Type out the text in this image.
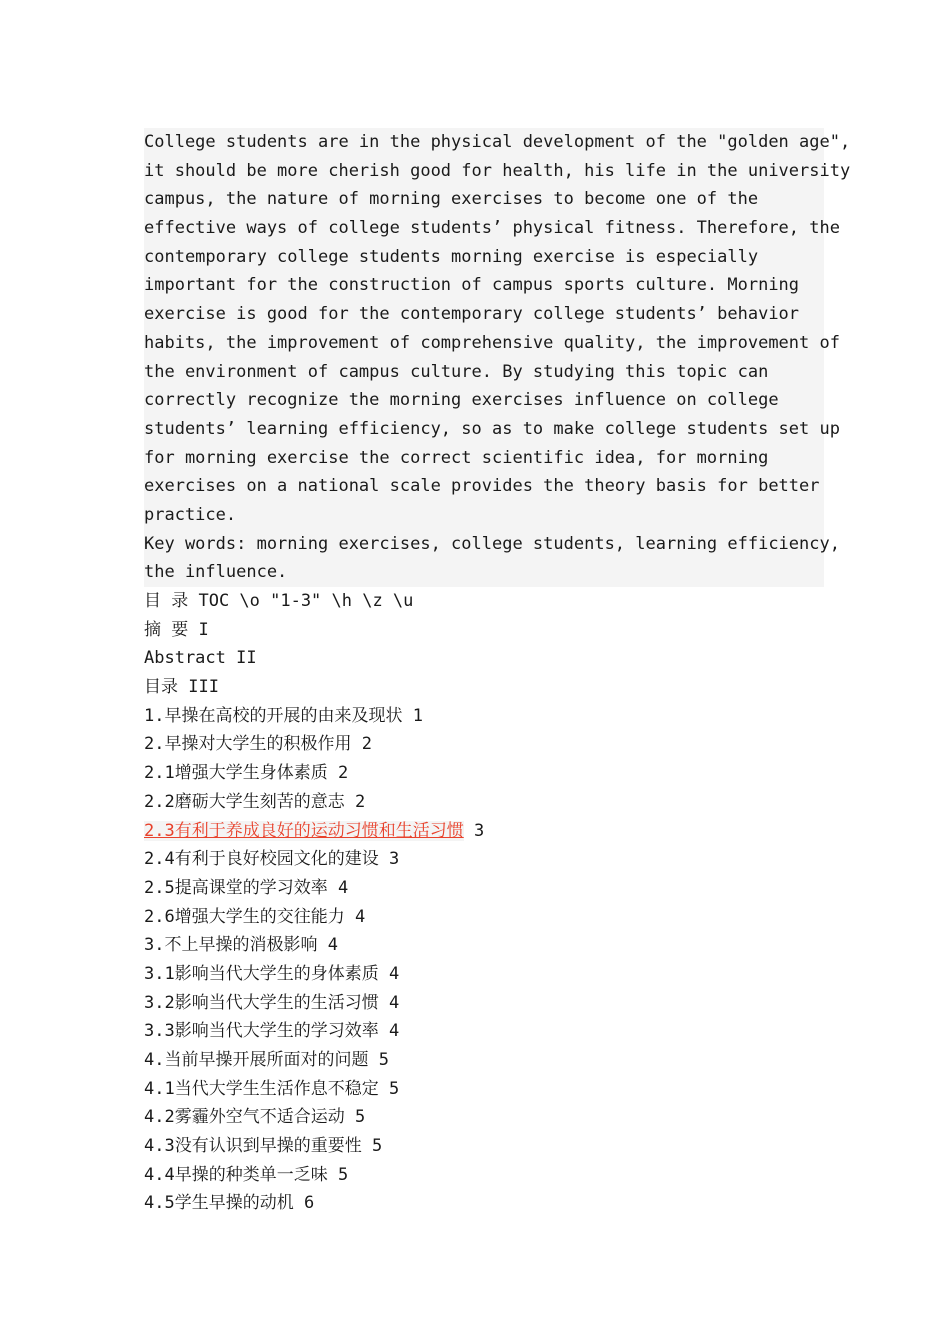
College students are in the physical development of the "golden age",
it should be more cherish good for health, his life in the university
campus, the nature of morning exercises to become one of the
effective ways of college students’ physical fitness. Therefore, the
contemporary college students morning exercise is especially
important for the construction of campus sports culture. Morning
exercise is good for the contemporary college students’ behavior
habits, the improvement of comprehensive quality, the improvement of
the environment of campus culture. By studying this topic can
correctly recognize the morning exercises influence on college
students’ learning efficiency, so as to make college students set up
for morning exercise the correct scientific idea, for morning
exercises on a national scale provides the theory basis for better
practice.
Key words: morning exercises, college students, learning efficiency,
the influence.
目 录 TOC \o "1-3" \h \z \u
摘 要 I
Abstract II
目录 III
1.早操在高校的开展的由来及现状 1
2.早操对大学生的积极作用 2
2.1增强大学生身体素质 2
2.2磨砺大学生刻苦的意志 2
2.3有利于养成良好的运动习惯和生活习惯 3
2.4有利于良好校园文化的建设 3
2.5提高课堂的学习效率 4
2.6增强大学生的交往能力 4
3.不上早操的消极影响 4
3.1影响当代大学生的身体素质 4
3.2影响当代大学生的生活习惯 4
3.3影响当代大学生的学习效率 4
4.当前早操开展所面对的问题 5
4.1当代大学生生活作息不稳定 5
4.2雾霾外空气不适合运动 5
4.3没有认识到早操的重要性 5
4.4早操的种类单一乏味 5
4.5学生早操的动机 6
